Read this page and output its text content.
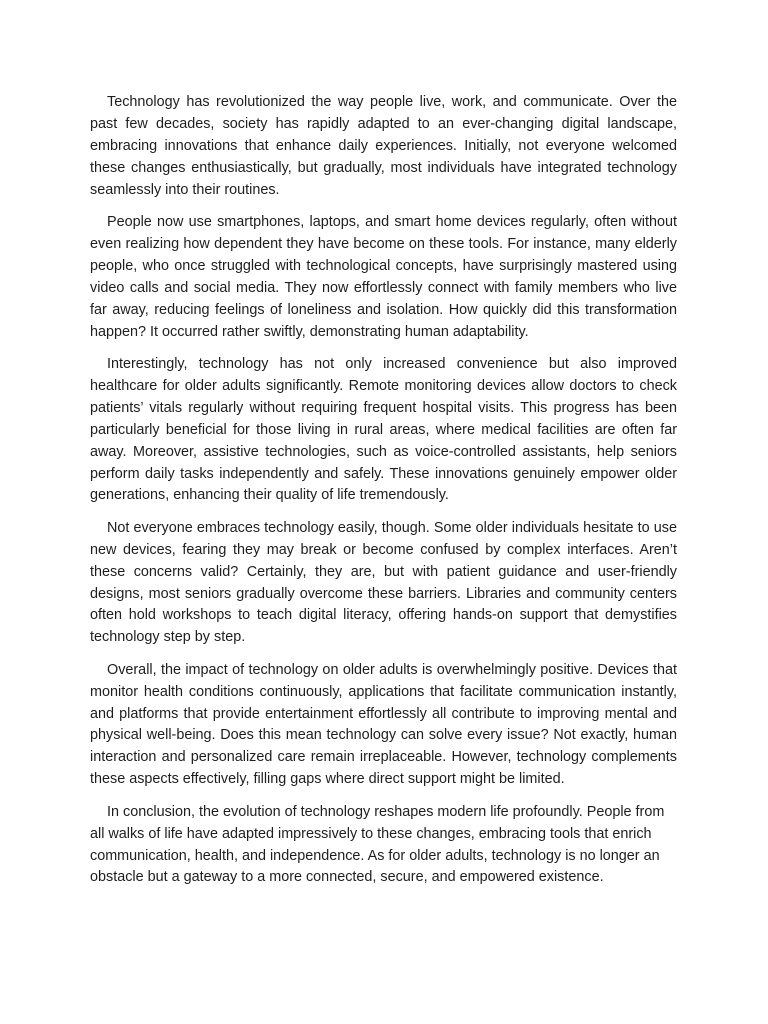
Technology has revolutionized the way people live, work, and communicate. Over the past few decades, society has rapidly adapted to an ever-changing digital landscape, embracing innovations that enhance daily experiences. Initially, not everyone welcomed these changes enthusiastically, but gradually, most individuals have integrated technology seamlessly into their routines.

People now use smartphones, laptops, and smart home devices regularly, often without even realizing how dependent they have become on these tools. For instance, many elderly people, who once struggled with technological concepts, have surprisingly mastered using video calls and social media. They now effortlessly connect with family members who live far away, reducing feelings of loneliness and isolation. How quickly did this transformation happen? It occurred rather swiftly, demonstrating human adaptability.

Interestingly, technology has not only increased convenience but also improved healthcare for older adults significantly. Remote monitoring devices allow doctors to check patients’ vitals regularly without requiring frequent hospital visits. This progress has been particularly beneficial for those living in rural areas, where medical facilities are often far away. Moreover, assistive technologies, such as voice-controlled assistants, help seniors perform daily tasks independently and safely. These innovations genuinely empower older generations, enhancing their quality of life tremendously.

Not everyone embraces technology easily, though. Some older individuals hesitate to use new devices, fearing they may break or become confused by complex interfaces. Aren’t these concerns valid? Certainly, they are, but with patient guidance and user-friendly designs, most seniors gradually overcome these barriers. Libraries and community centers often hold workshops to teach digital literacy, offering hands-on support that demystifies technology step by step.

Overall, the impact of technology on older adults is overwhelmingly positive. Devices that monitor health conditions continuously, applications that facilitate communication instantly, and platforms that provide entertainment effortlessly all contribute to improving mental and physical well-being. Does this mean technology can solve every issue? Not exactly, human interaction and personalized care remain irreplaceable. However, technology complements these aspects effectively, filling gaps where direct support might be limited.

In conclusion, the evolution of technology reshapes modern life profoundly. People from all walks of life have adapted impressively to these changes, embracing tools that enrich communication, health, and independence. As for older adults, technology is no longer an obstacle but a gateway to a more connected, secure, and empowered existence.
